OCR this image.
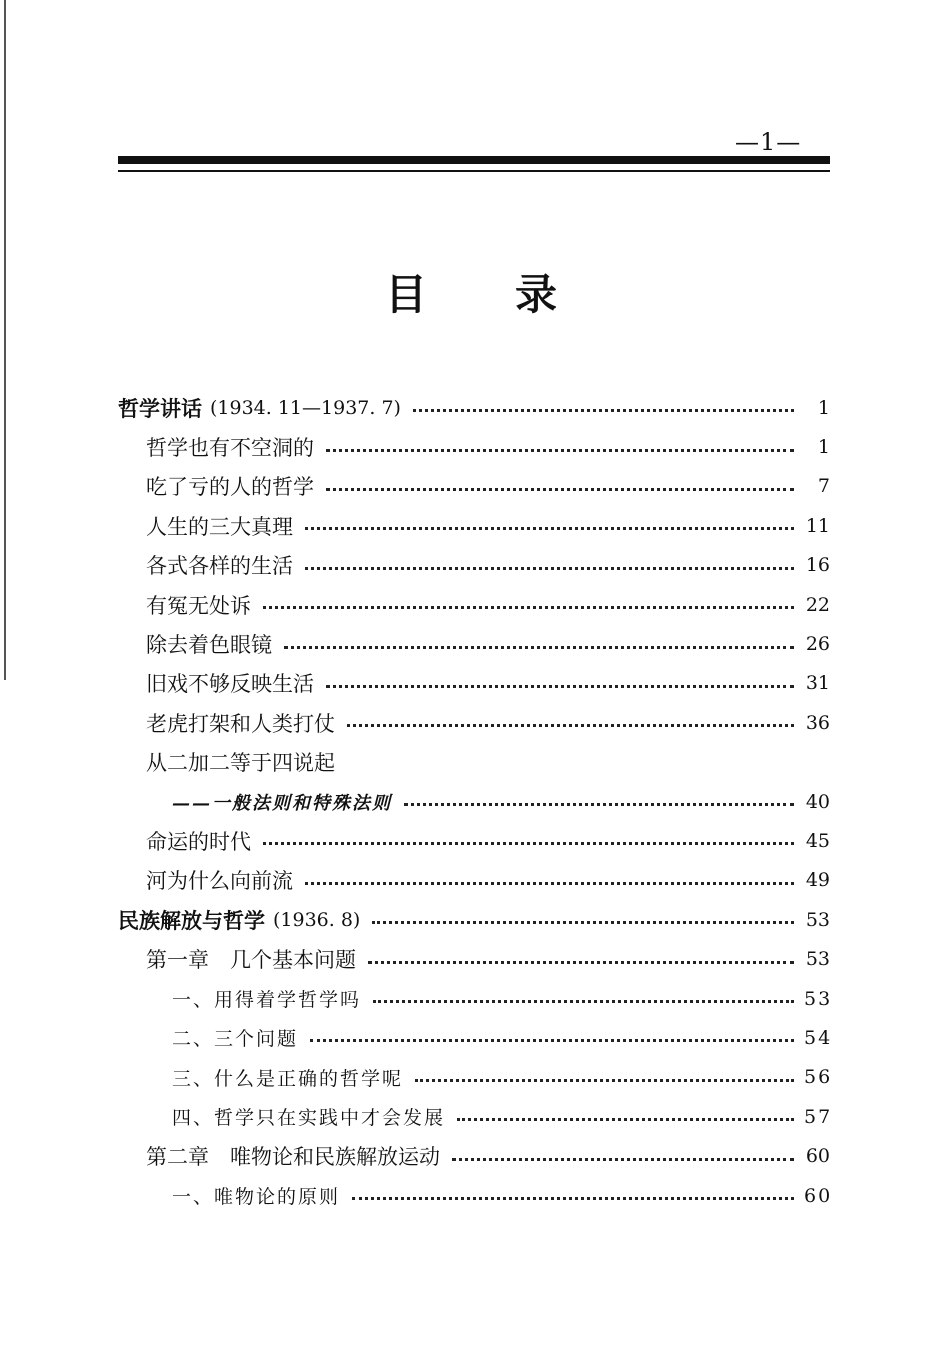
—1—
目 录
哲学讲话 (1934. 11—1937. 7)	1
哲学也有不空洞的	1
吃了亏的人的哲学	7
人生的三大真理	11
各式各样的生活	16
有冤无处诉	22
除去着色眼镜	26
旧戏不够反映生活	31
老虎打架和人类打仗	36
从二加二等于四说起
——一般法则和特殊法则	40
命运的时代	45
河为什么向前流	49
民族解放与哲学 (1936. 8)	53
第一章　几个基本问题	53
一、用得着学哲学吗	53
二、三个问题	54
三、什么是正确的哲学呢	56
四、哲学只在实践中才会发展	57
第二章　唯物论和民族解放运动	60
一、唯物论的原则	60
